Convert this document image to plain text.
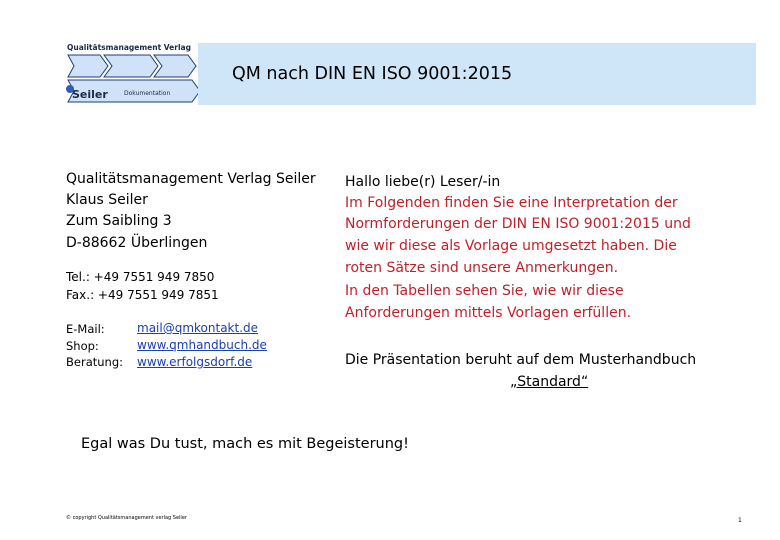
Qualitätsmanagement Verlag
Seiler	Dokumentation
QM nach DIN EN ISO 9001:2015
Qualitätsmanagement Verlag Seiler
Klaus Seiler
Zum Saibling 3
D-88662 Überlingen
Tel.: +49 7551 949 7850
Fax.: +49 7551 949 7851
E-Mail:	mail@qmkontakt.de
Shop:	www.qmhandbuch.de
Beratung: www.erfolgsdorf.de
Hallo liebe(r) Leser/-in
Im Folgenden finden Sie eine Interpretation der
Normforderungen der DIN EN ISO 9001:2015 und
wie wir diese als Vorlage umgesetzt haben. Die
roten Sätze sind unsere Anmerkungen.
In den Tabellen sehen Sie, wie wir diese
Anforderungen mittels Vorlagen erfüllen.
Die Präsentation beruht auf dem Musterhandbuch
„Standard“
Egal was Du tust, mach es mit Begeisterung!
© copyright Qualitätsmanagement verlag Seiler	1
